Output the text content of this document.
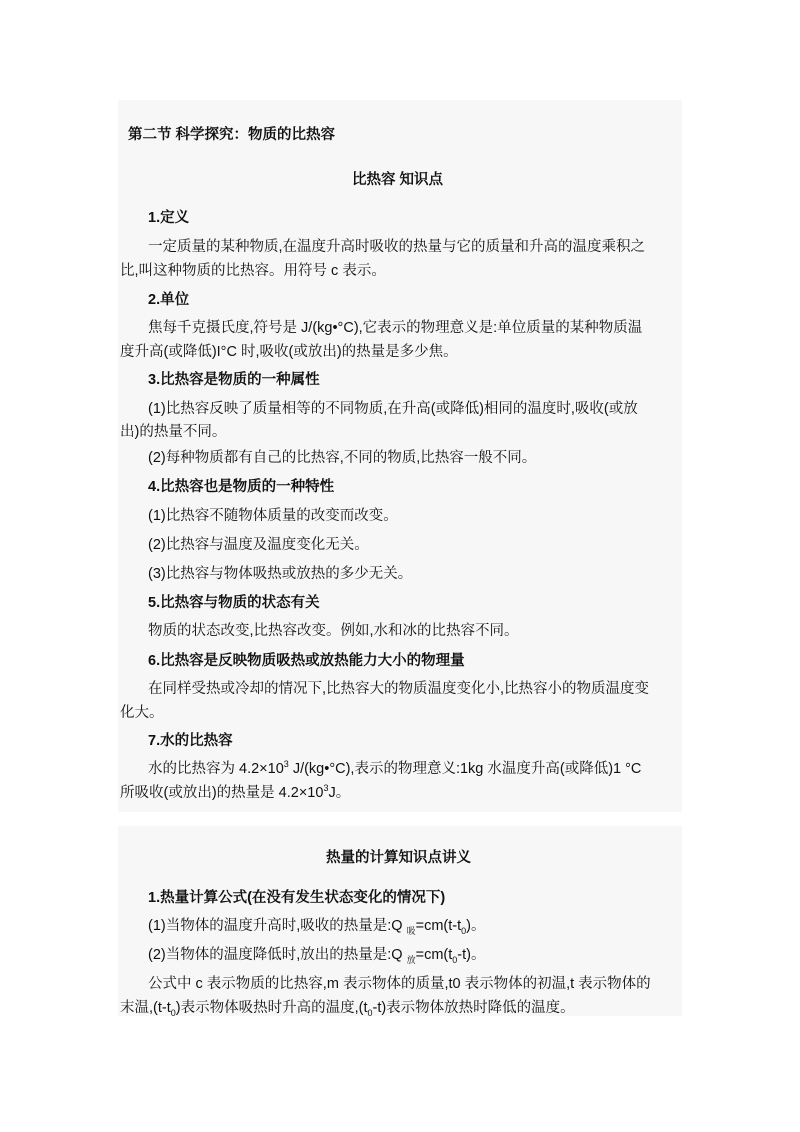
第二节 科学探究：物质的比热容
比热容 知识点
1.定义
一定质量的某种物质,在温度升高时吸收的热量与它的质量和升高的温度乘积之
比,叫这种物质的比热容。用符号 c 表示。
2.单位
焦每千克摄氏度,符号是 J/(kg•°C),它表示的物理意义是:单位质量的某种物质温
度升高(或降低)I°C 时,吸收(或放出)的热量是多少焦。
3.比热容是物质的一种属性
(1)比热容反映了质量相等的不同物质,在升高(或降低)相同的温度时,吸收(或放
出)的热量不同。
(2)每种物质都有自己的比热容,不同的物质,比热容一般不同。
4.比热容也是物质的一种特性
(1)比热容不随物体质量的改变而改变。
(2)比热容与温度及温度变化无关。
(3)比热容与物体吸热或放热的多少无关。
5.比热容与物质的状态有关
物质的状态改变,比热容改变。例如,水和冰的比热容不同。
6.比热容是反映物质吸热或放热能力大小的物理量
在同样受热或冷却的情况下,比热容大的物质温度变化小,比热容小的物质温度变
化大。
7.水的比热容
水的比热容为 $4.2\times 10^3$ J/(kg•°C),表示的物理意义:1kg 水温度升高(或降低)1 °C
所吸收(或放出)的热量是 $4.2\times 10^3J$。
热量的计算知识点讲义
1.热量计算公式(在没有发生状态变化的情况下)
(1)当物体的温度升高时,吸收的热量是:Q $_吸=cm(t-t_0)$。
(2)当物体的温度降低时,放出的热量是:Q $_放=cm(t_0-t)$。
公式中 c 表示物质的比热容,m 表示物体的质量,t0 表示物体的初温,t 表示物体的
末温$,(t-t_0)$表示物体吸热时升高的温度$,(t_0-t)$表示物体放热时降低的温度。
